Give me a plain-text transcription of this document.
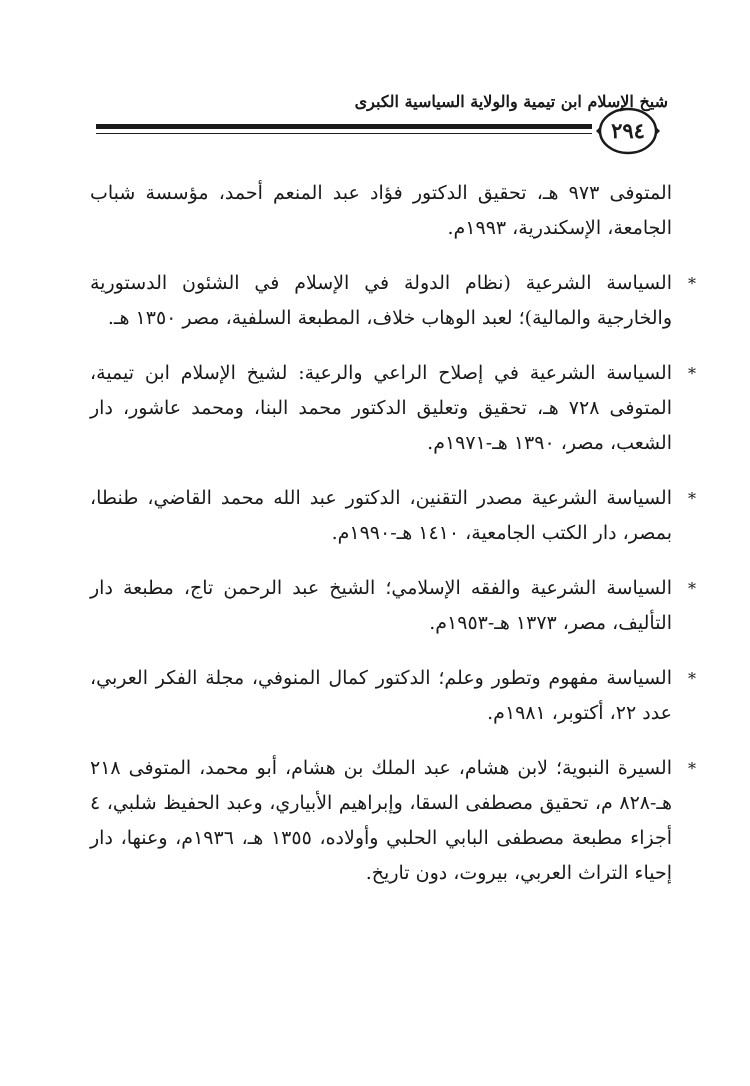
شيخ الإسلام ابن تيمية والولاية السياسية الكبرى
٢٩٤
المتوفى ٩٧٣ هـ، تحقيق الدكتور فؤاد عبد المنعم أحمد، مؤسسة شباب الجامعة، الإسكندرية، ١٩٩٣م.
*
السياسة الشرعية (نظام الدولة في الإسلام في الشئون الدستورية والخارجية والمالية)؛ لعبد الوهاب خلاف، المطبعة السلفية، مصر ١٣٥٠ هـ.
*
السياسة الشرعية في إصلاح الراعي والرعية: لشيخ الإسلام ابن تيمية، المتوفى ٧٢٨ هـ، تحقيق وتعليق الدكتور محمد البنا، ومحمد عاشور، دار الشعب، مصر، ١٣٩٠ هـ-١٩٧١م.
*
السياسة الشرعية مصدر التقنين، الدكتور عبد الله محمد القاضي، طنطا، بمصر، دار الكتب الجامعية، ١٤١٠ هـ-١٩٩٠م.
*
السياسة الشرعية والفقه الإسلامي؛ الشيخ عبد الرحمن تاج، مطبعة دار التأليف، مصر، ١٣٧٣ هـ-١٩٥٣م.
*
السياسة مفهوم وتطور وعلم؛ الدكتور كمال المنوفي، مجلة الفكر العربي، عدد ٢٢، أكتوبر، ١٩٨١م.
*
السيرة النبوية؛ لابن هشام، عبد الملك بن هشام، أبو محمد، المتوفى ٢١٨ هـ-٨٢٨ م، تحقيق مصطفى السقا، وإبراهيم الأبياري، وعبد الحفيظ شلبي، ٤ أجزاء مطبعة مصطفى البابي الحلبي وأولاده، ١٣٥٥ هـ، ١٩٣٦م، وعنها، دار إحياء التراث العربي، بيروت، دون تاريخ.
